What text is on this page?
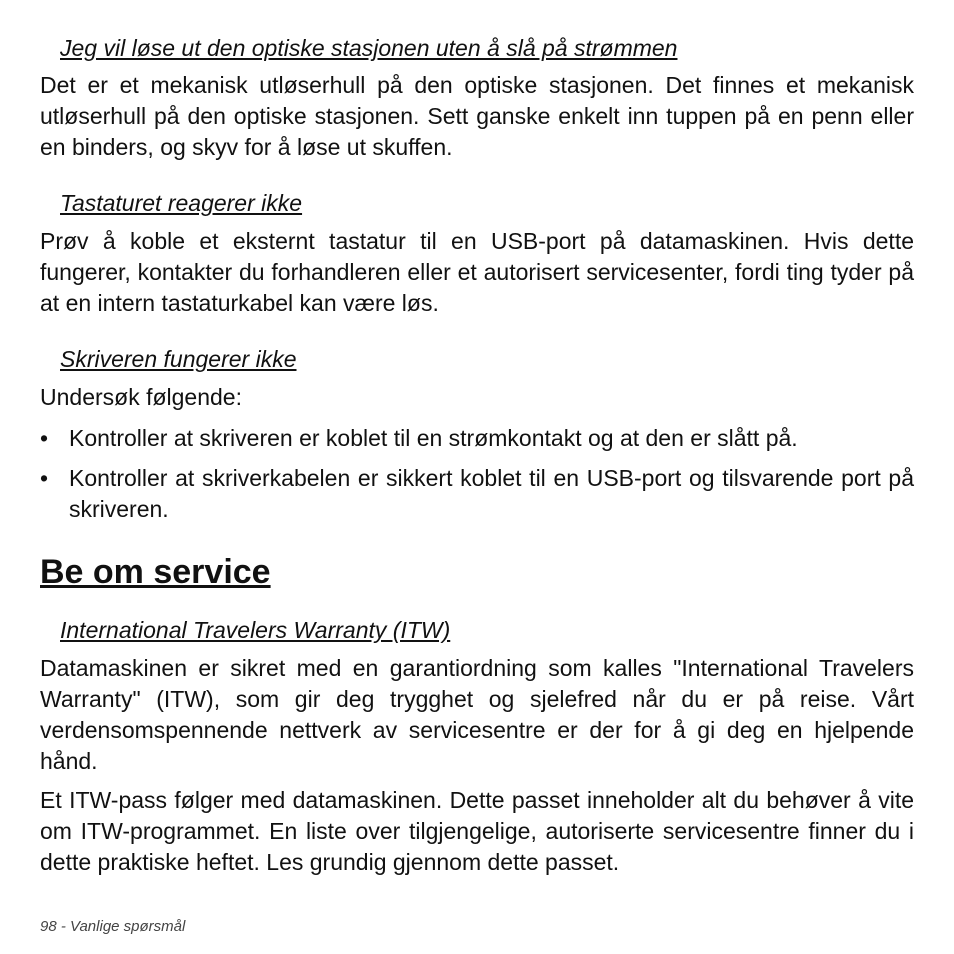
Jeg vil løse ut den optiske stasjonen uten å slå på strømmen

Det er et mekanisk utløserhull på den optiske stasjonen. Det finnes et mekanisk utløserhull på den optiske stasjonen. Sett ganske enkelt inn tuppen på en penn eller en binders, og skyv for å løse ut skuffen.

Tastaturet reagerer ikke

Prøv å koble et eksternt tastatur til en USB-port på datamaskinen. Hvis dette fungerer, kontakter du forhandleren eller et autorisert servicesenter, fordi ting tyder på at en intern tastaturkabel kan være løs.

Skriveren fungerer ikke

Undersøk følgende:

• Kontroller at skriveren er koblet til en strømkontakt og at den er slått på.
• Kontroller at skriverkabelen er sikkert koblet til en USB-port og tilsvarende port på skriveren.
Be om service

International Travelers Warranty (ITW)

Datamaskinen er sikret med en garantiordning som kalles "International Travelers Warranty" (ITW), som gir deg trygghet og sjelefred når du er på reise. Vårt verdensomspennende nettverk av servicesentre er der for å gi deg en hjelpende hånd.

Et ITW-pass følger med datamaskinen. Dette passet inneholder alt du behøver å vite om ITW-programmet. En liste over tilgjengelige, autoriserte servicesentre finner du i dette praktiske heftet. Les grundig gjennom dette passet.

98 - Vanlige spørsmål
